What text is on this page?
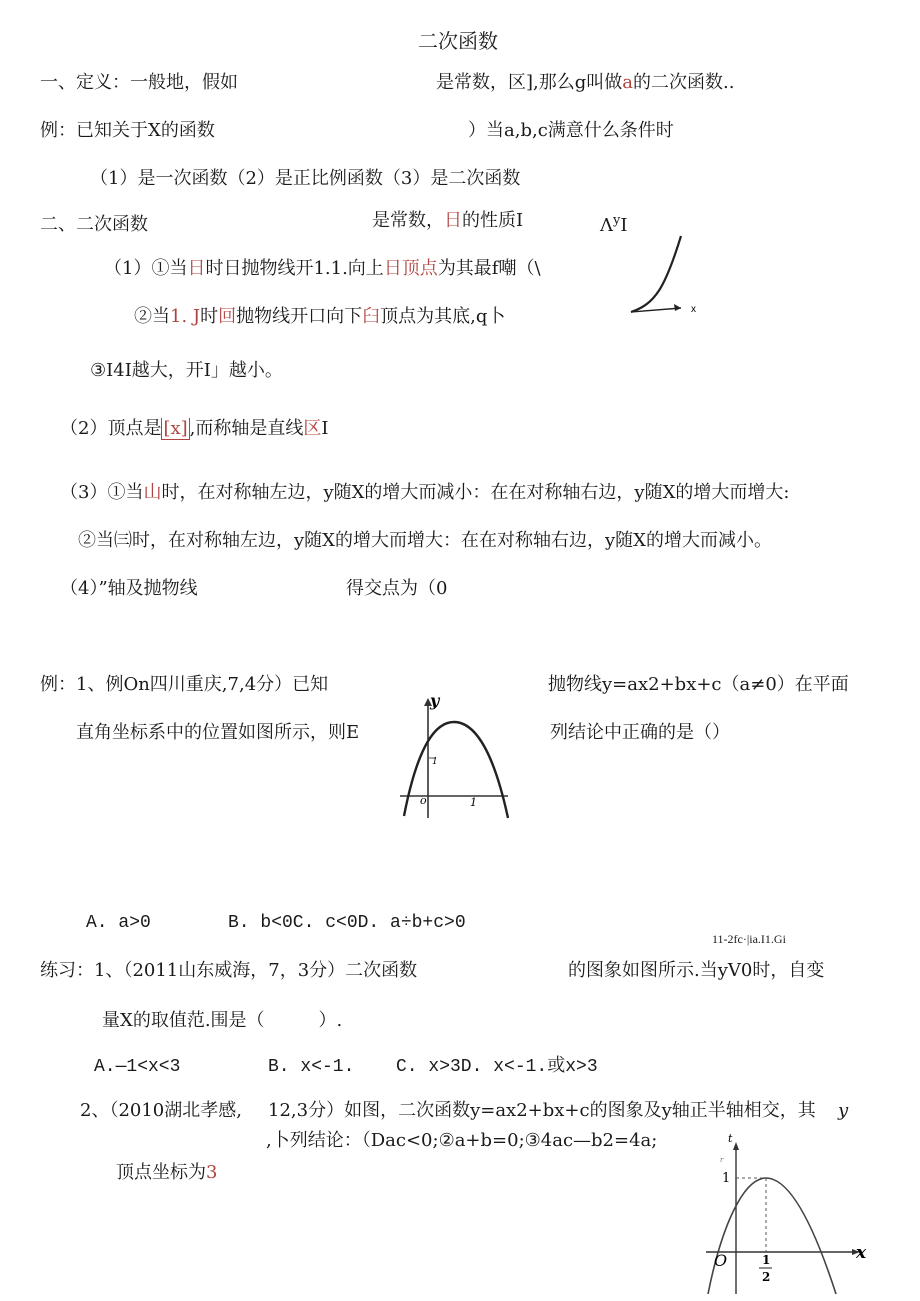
二次函数
一、定义：一般地，假如	是常数，区],那么g叫做a的二次函数..
例：已知关于X的函数	）当a,b,c满意什么条件时
（1）是一次函数（2）是正比例函数（3）是二次函数
二、二次函数	是常数，日的性质I	$\Lambda^yI$
x
（1）①当日时日抛物线开1.1.向上日顶点为其最f嘲（\
②当1. J时回抛物线开口向下臼顶点为其底,q卜
③I4I越大，开I」越小。
（2）顶点是 [x] ,而称轴是直线区I
（3）①当山时，在对称轴左边，y随X的增大而减小：在在对称轴右边，y随X的增大而增大:
②当㈢时，在对称轴左边，y随X的增大而增大：在在对称轴右边，y随X的增大而减小。
（4）”轴及抛物线	得交点为（0
例：1、例On四川重庆,7,4分）已知	抛物线y=ax2+bx+c（a≠0）在平面
直角坐标系中的位置如图所示，则E	列结论中正确的是（）
y
o	1
1
A. a>0	B. b<0C. c<0D. a÷b+c>0
11-2fc·|ia.I1.Gi
练习：1、（2011山东威海，7，3分）二次函数	的图象如图所示.当yV0时，自变
量X的取值范.围是（　　　）.
A.—1<x<3	B. x<-1. C. x>3D. x<-1.或x>3
2、（2010湖北孝感, 12,3分）如图，二次函数y=ax2+bx+c的图象及y轴正半轴相交，其 y
,卜列结论：（Dac<0;②a+b=0;③4ac—b2=4a;
顶点坐标为3
t
r
1
O	x
1
2
